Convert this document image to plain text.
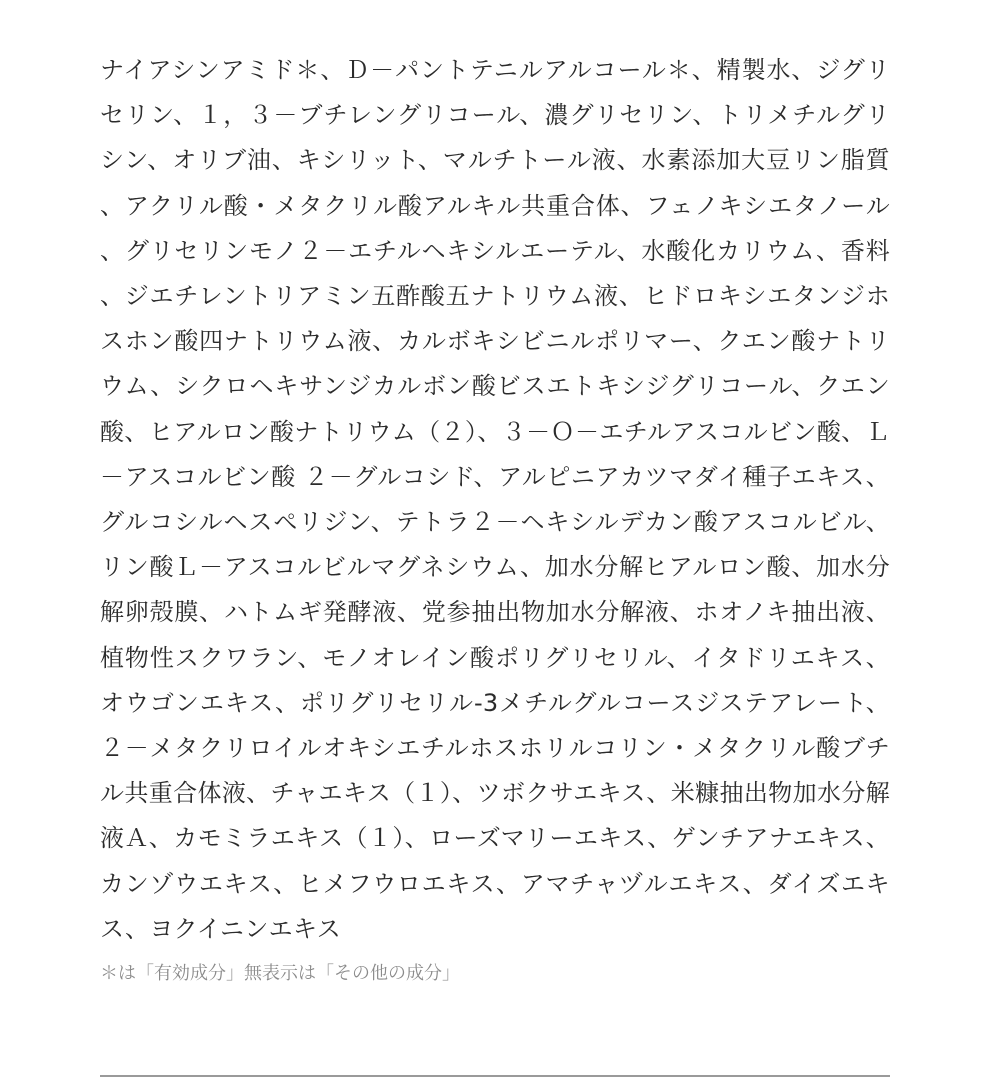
ナイアシンアミド＊、Ｄ－パントテニルアルコール＊、精製水、ジグリセリン、１，３－ブチレングリコール、濃グリセリン、トリメチルグリシン、オリブ油、キシリット、マルチトール液、水素添加大豆リン脂質、アクリル酸・メタクリル酸アルキル共重合体、フェノキシエタノール、グリセリンモノ２－エチルヘキシルエーテル、水酸化カリウム、香料、ジエチレントリアミン五酢酸五ナトリウム液、ヒドロキシエタンジホスホン酸四ナトリウム液、カルボキシビニルポリマー、クエン酸ナトリウム、シクロヘキサンジカルボン酸ビスエトキシジグリコール、クエン酸、ヒアルロン酸ナトリウム（２）、３－Ｏ－エチルアスコルビン酸、Ｌ－アスコルビン酸 ２－グルコシド、アルピニアカツマダイ種子エキス、グルコシルヘスペリジン、テトラ２－ヘキシルデカン酸アスコルビル、リン酸Ｌ－アスコルビルマグネシウム、加水分解ヒアルロン酸、加水分解卵殻膜、ハトムギ発酵液、党参抽出物加水分解液、ホオノキ抽出液、植物性スクワラン、モノオレイン酸ポリグリセリル、イタドリエキス、オウゴンエキス、ポリグリセリル-3メチルグルコースジステアレート、２－メタクリロイルオキシエチルホスホリルコリン・メタクリル酸ブチル共重合体液、チャエキス（１）、ツボクサエキス、米糠抽出物加水分解液Ａ、カモミラエキス（１）、ローズマリーエキス、ゲンチアナエキス、カンゾウエキス、ヒメフウロエキス、アマチャヅルエキス、ダイズエキス、ヨクイニンエキス

＊は「有効成分」無表示は「その他の成分」
